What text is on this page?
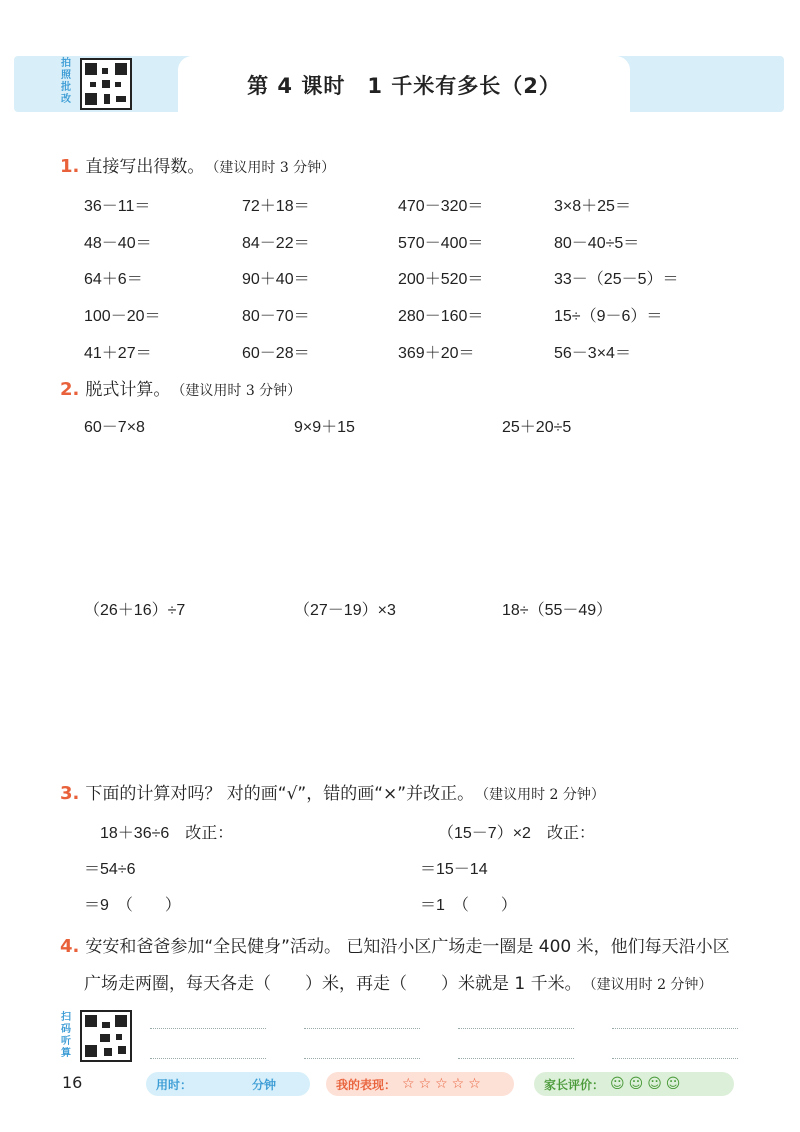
拍照批改
第 4 课时　1 千米有多长（2）
1. 直接写出得数。 （建议用时 3 分钟）
36－11＝	72＋18＝	470－320＝	3×8＋25＝
48－40＝	84－22＝	570－400＝	80－40÷5＝
64＋6＝	90＋40＝	200＋520＝	33－（25－5）＝
100－20＝	80－70＝	280－160＝	15÷（9－6）＝
41＋27＝	60－28＝	369＋20＝	56－3×4＝
2. 脱式计算。 （建议用时 3 分钟）
60－7×8	9×9＋15	25＋20÷5
（26＋16）÷7	（27－19）×3	18÷（55－49）
3. 下面的计算对吗？ 对的画“√”，错的画“×”并改正。 （建议用时 2 分钟）
18＋36÷6　改正：
＝54÷6
＝9　（　　）
（15－7）×2　改正：
＝15－14
＝1　（　　）
4. 安安和爸爸参加“全民健身”活动。 已知沿小区广场走一圈是 400 米，他们每天沿小区
广场走两圈，每天各走（　　）米，再走（　　）米就是 1 千米。 （建议用时 2 分钟）
扫码听算
16	用时：	分钟	我的表现： ☆☆☆☆☆	家长评价： ☺☺☺☺
